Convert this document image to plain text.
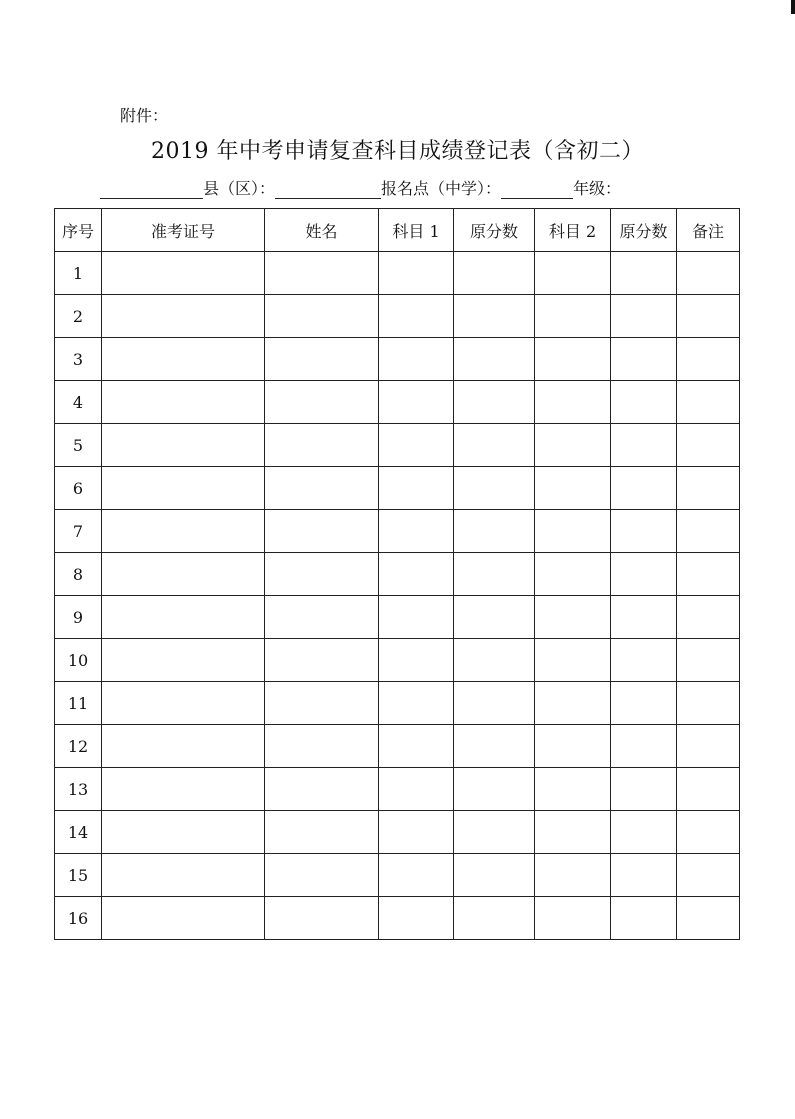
附件：
2019 年中考申请复查科目成绩登记表（含初二）
县（区）：	报名点（中学）：	年级：
序号	准考证号	姓名	科目 1	原分数	科目 2	原分数	备注
1							
2							
3							
4							
5							
6							
7							
8							
9							
10							
11							
12							
13							
14							
15							
16							
